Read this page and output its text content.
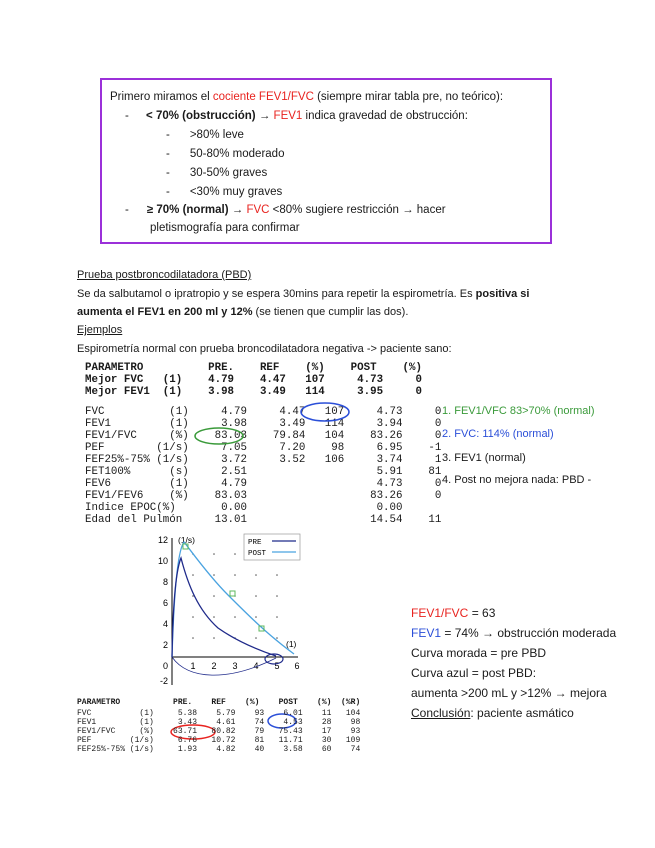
Primero miramos el cociente FEV1/FVC (siempre mirar tabla pre, no teórico):
- < 70% (obstrucción) → FEV1 indica gravedad de obstrucción:
- >80% leve
- 50-80% moderado
- 30-50% graves
- <30% muy graves
- ≥ 70% (normal) → FVC <80% sugiere restricción → hacer
pletismografía para confirmar
Prueba postbroncodilatadora (PBD)
Se da salbutamol o ipratropio y se espera 30mins para repetir la espirometría. Es positiva si
aumenta el FEV1 en 200 ml y 12% (se tienen que cumplir las dos).
Ejemplos
Espirometría normal con prueba broncodilatadora negativa -> paciente sano:
PARAMETRO          PRE.    REF    (%)    POST    (%)
Mejor FVC   (1)    4.79    4.47   107     4.73     0
Mejor FEV1  (1)    3.98    3.49   114     3.95     0
FVC          (1)     4.79     4.47   107     4.73     0
FEV1         (1)     3.98     3.49   114     3.94     0
FEV1/FVC     (%)    83.03    79.84   104    83.26     0
PEF        (1/s)     7.05     7.20    98     6.95    -1
FEF25%-75% (1/s)     3.72     3.52   106     3.74     1
FET100%      (s)     2.51                    5.91    81
FEV6         (1)     4.79                    4.73     0
FEV1/FEV6    (%)    83.03                   83.26     0
Indice EPOC(%)       0.00                    0.00
Edad del Pulmón     13.01                   14.54    11
1. FEV1/VFC 83>70% (normal)
2. FVC: 114% (normal)
3. FEV1 (normal)
4. Post no mejora nada: PBD -
12
10
8
6
4
2
0
-2
1 2 3 4 5 6
(1/s)
(1)
PRE
POST
FEV1/FVC = 63
FEV1 = 74% → obstrucción moderada
Curva morada = pre PBD
Curva azul = post PBD:
aumenta >200 mL y >12% → mejora
Conclusión: paciente asmático
PARAMETRO           PRE.    REF    (%)    POST    (%)  (%R)
FVC          (1)     5.38    5.79    93    6.01    11   104
FEV1         (1)     3.43    4.61    74    4.53    28    98
FEV1/FVC     (%)    63.71   80.82    79   75.43    17    93
PEF        (1/s)     6.76   10.72    81   11.71    30   109
FEF25%-75% (1/s)     1.93    4.82    40    3.58    60    74
